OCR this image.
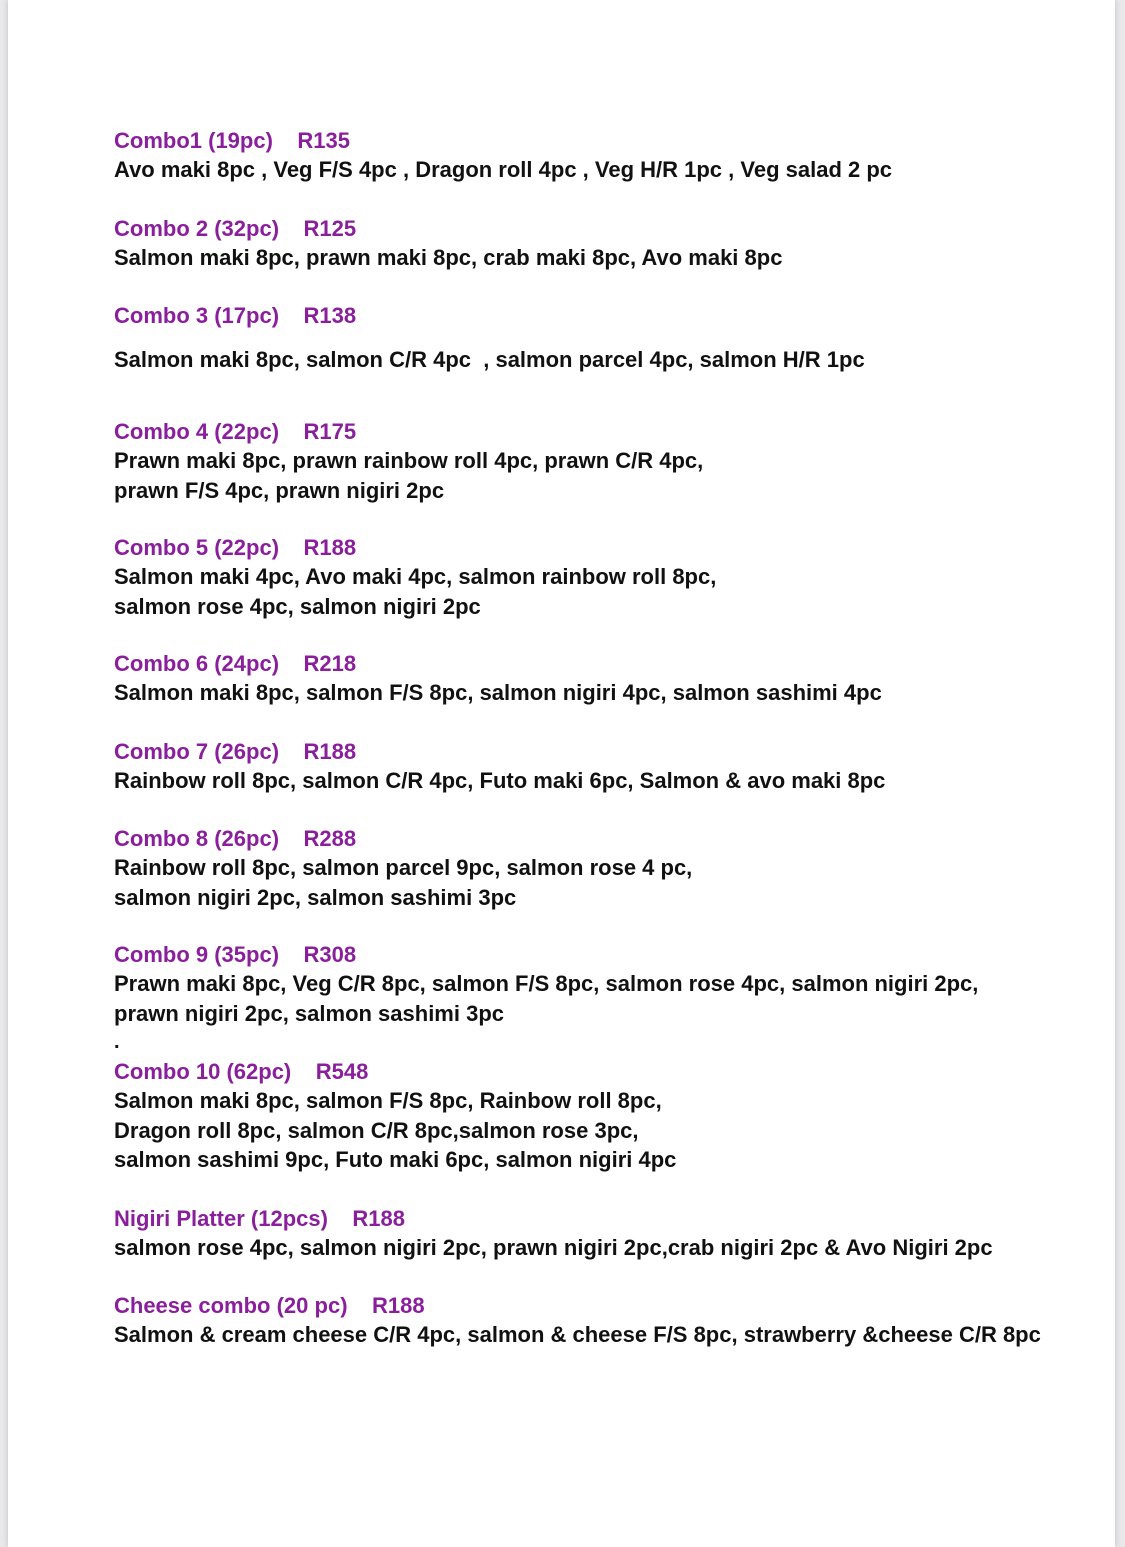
Combo1 (19pc)    R135
Avo maki 8pc , Veg F/S 4pc , Dragon roll 4pc , Veg H/R 1pc , Veg salad 2 pc
Combo 2 (32pc)    R125
Salmon maki 8pc, prawn maki 8pc, crab maki 8pc, Avo maki 8pc
Combo 3 (17pc)    R138
Salmon maki 8pc, salmon C/R 4pc  , salmon parcel 4pc, salmon H/R 1pc
Combo 4 (22pc)    R175
Prawn maki 8pc, prawn rainbow roll 4pc, prawn C/R 4pc,
prawn F/S 4pc, prawn nigiri 2pc
Combo 5 (22pc)    R188
Salmon maki 4pc, Avo maki 4pc, salmon rainbow roll 8pc,
salmon rose 4pc, salmon nigiri 2pc
Combo 6 (24pc)    R218
Salmon maki 8pc, salmon F/S 8pc, salmon nigiri 4pc, salmon sashimi 4pc
Combo 7 (26pc)    R188
Rainbow roll 8pc, salmon C/R 4pc, Futo maki 6pc, Salmon & avo maki 8pc
Combo 8 (26pc)    R288
Rainbow roll 8pc, salmon parcel 9pc, salmon rose 4 pc,
salmon nigiri 2pc, salmon sashimi 3pc
Combo 9 (35pc)    R308
Prawn maki 8pc, Veg C/R 8pc, salmon F/S 8pc, salmon rose 4pc, salmon nigiri 2pc,
prawn nigiri 2pc, salmon sashimi 3pc
.
Combo 10 (62pc)    R548
Salmon maki 8pc, salmon F/S 8pc, Rainbow roll 8pc,
Dragon roll 8pc, salmon C/R 8pc,salmon rose 3pc,
salmon sashimi 9pc, Futo maki 6pc, salmon nigiri 4pc
Nigiri Platter (12pcs)    R188
salmon rose 4pc, salmon nigiri 2pc, prawn nigiri 2pc,crab nigiri 2pc & Avo Nigiri 2pc
Cheese combo (20 pc)    R188
Salmon & cream cheese C/R 4pc, salmon & cheese F/S 8pc, strawberry &cheese C/R 8pc
